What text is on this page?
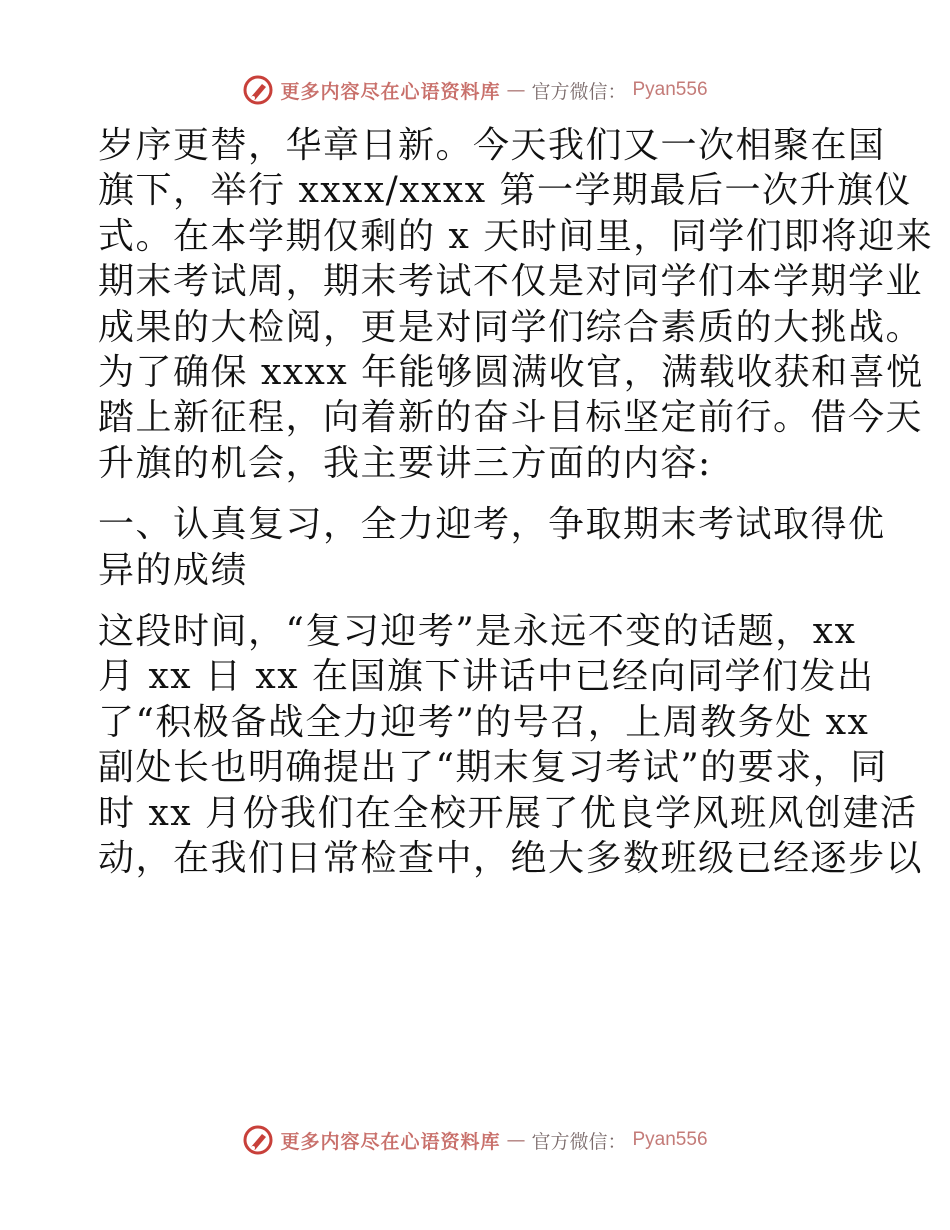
更多内容尽在心语资料库 — 官方微信： Pyan556

岁序更替，华章日新。今天我们又一次相聚在国
旗下，举行 xxxx/xxxx 第一学期最后一次升旗仪
式。在本学期仅剩的 x 天时间里，同学们即将迎来
期末考试周，期末考试不仅是对同学们本学期学业
成果的大检阅，更是对同学们综合素质的大挑战。
为了确保 xxxx 年能够圆满收官，满载收获和喜悦
踏上新征程，向着新的奋斗目标坚定前行。借今天
升旗的机会，我主要讲三方面的内容:

一、认真复习，全力迎考，争取期末考试取得优
异的成绩

这段时间，“复习迎考”是永远不变的话题，xx
月 xx 日 xx 在国旗下讲话中已经向同学们发出
了“积极备战全力迎考”的号召，上周教务处 xx
副处长也明确提出了“期末复习考试”的要求，同
时 xx 月份我们在全校开展了优良学风班风创建活
动，在我们日常检查中，绝大多数班级已经逐步以

更多内容尽在心语资料库 — 官方微信： Pyan556
